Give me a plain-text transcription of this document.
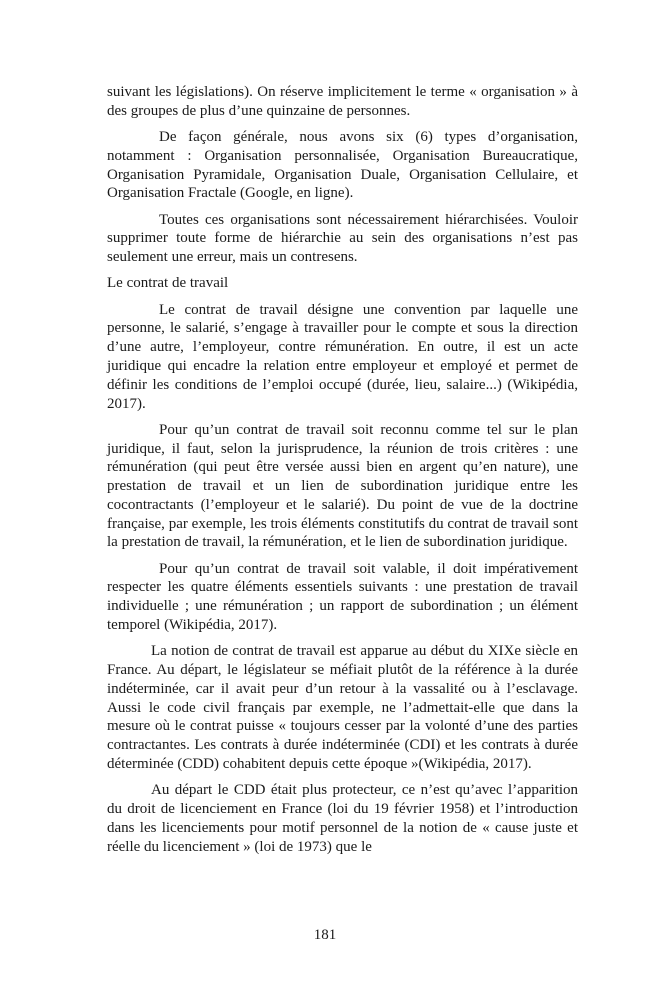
suivant les législations). On réserve implicitement le terme « organisation » à des groupes de plus d’une quinzaine de personnes.

De façon générale, nous avons six (6) types d’organisation, notamment : Organisation personnalisée, Organisation Bureaucratique, Organisation Pyramidale, Organisation Duale, Organisation Cellulaire, et Organisation Fractale (Google, en ligne).

Toutes ces organisations sont nécessairement hiérarchisées. Vouloir supprimer toute forme de hiérarchie au sein des organisations n’est pas seulement une erreur, mais un contresens.

Le contrat de travail

Le contrat de travail désigne une convention par laquelle une personne, le salarié, s’engage à travailler pour le compte et sous la direction d’une autre, l’employeur, contre rémunération. En outre, il est un acte juridique qui encadre la relation entre employeur et employé et permet de définir les conditions de l’emploi occupé (durée, lieu, salaire...) (Wikipédia, 2017).

Pour qu’un contrat de travail soit reconnu comme tel sur le plan juridique, il faut, selon la jurisprudence, la réunion de trois critères : une rémunération (qui peut être versée aussi bien en argent qu’en nature), une prestation de travail et un lien de subordination juridique entre les cocontractants (l’employeur et le salarié). Du point de vue de la doctrine française, par exemple, les trois éléments constitutifs du contrat de travail sont la prestation de travail, la rémunération, et le lien de subordination juridique.

Pour qu’un contrat de travail soit valable, il doit impérativement respecter les quatre éléments essentiels suivants : une prestation de travail individuelle ; une rémunération ; un rapport de subordination ; un élément temporel (Wikipédia, 2017).

La notion de contrat de travail est apparue au début du XIXe siècle en France. Au départ, le législateur se méfiait plutôt de la référence à la durée indéterminée, car il avait peur d’un retour à la vassalité ou à l’esclavage. Aussi le code civil français par exemple, ne l’admettait-elle que dans la mesure où le contrat puisse « toujours cesser par la volonté d’une des parties contractantes. Les contrats à durée indéterminée (CDI) et les contrats à durée déterminée (CDD) cohabitent depuis cette époque »(Wikipédia, 2017).

Au départ le CDD était plus protecteur, ce n’est qu’avec l’apparition du droit de licenciement en France (loi du 19 février 1958) et l’introduction dans les licenciements pour motif personnel de la notion de « cause juste et réelle du licenciement » (loi de 1973) que le

181
